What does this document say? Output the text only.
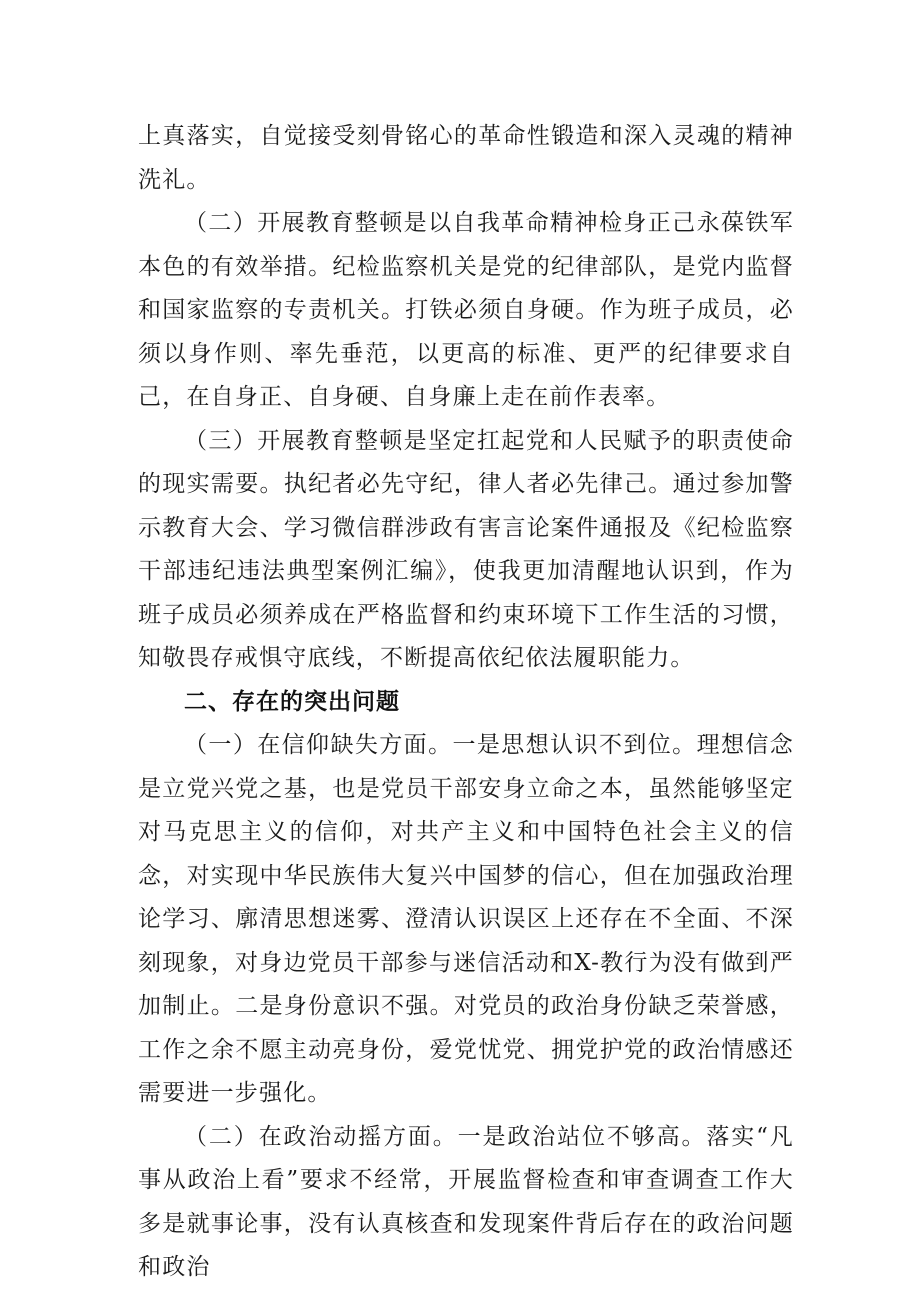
上真落实，自觉接受刻骨铭心的革命性锻造和深入灵魂的精神洗礼。

（二）开展教育整顿是以自我革命精神检身正己永葆铁军本色的有效举措。纪检监察机关是党的纪律部队，是党内监督和国家监察的专责机关。打铁必须自身硬。作为班子成员，必须以身作则、率先垂范，以更高的标准、更严的纪律要求自己，在自身正、自身硬、自身廉上走在前作表率。

（三）开展教育整顿是坚定扛起党和人民赋予的职责使命的现实需要。执纪者必先守纪，律人者必先律己。通过参加警示教育大会、学习微信群涉政有害言论案件通报及《纪检监察干部违纪违法典型案例汇编》，使我更加清醒地认识到，作为班子成员必须养成在严格监督和约束环境下工作生活的习惯，知敬畏存戒惧守底线，不断提高依纪依法履职能力。

二、存在的突出问题

（一）在信仰缺失方面。一是思想认识不到位。理想信念是立党兴党之基，也是党员干部安身立命之本，虽然能够坚定对马克思主义的信仰，对共产主义和中国特色社会主义的信念，对实现中华民族伟大复兴中国梦的信心，但在加强政治理论学习、廓清思想迷雾、澄清认识误区上还存在不全面、不深刻现象，对身边党员干部参与迷信活动和X-教行为没有做到严加制止。二是身份意识不强。对党员的政治身份缺乏荣誉感，工作之余不愿主动亮身份，爱党忧党、拥党护党的政治情感还需要进一步强化。

（二）在政治动摇方面。一是政治站位不够高。落实“凡事从政治上看”要求不经常，开展监督检查和审查调查工作大多是就事论事，没有认真核查和发现案件背后存在的政治问题和政治
